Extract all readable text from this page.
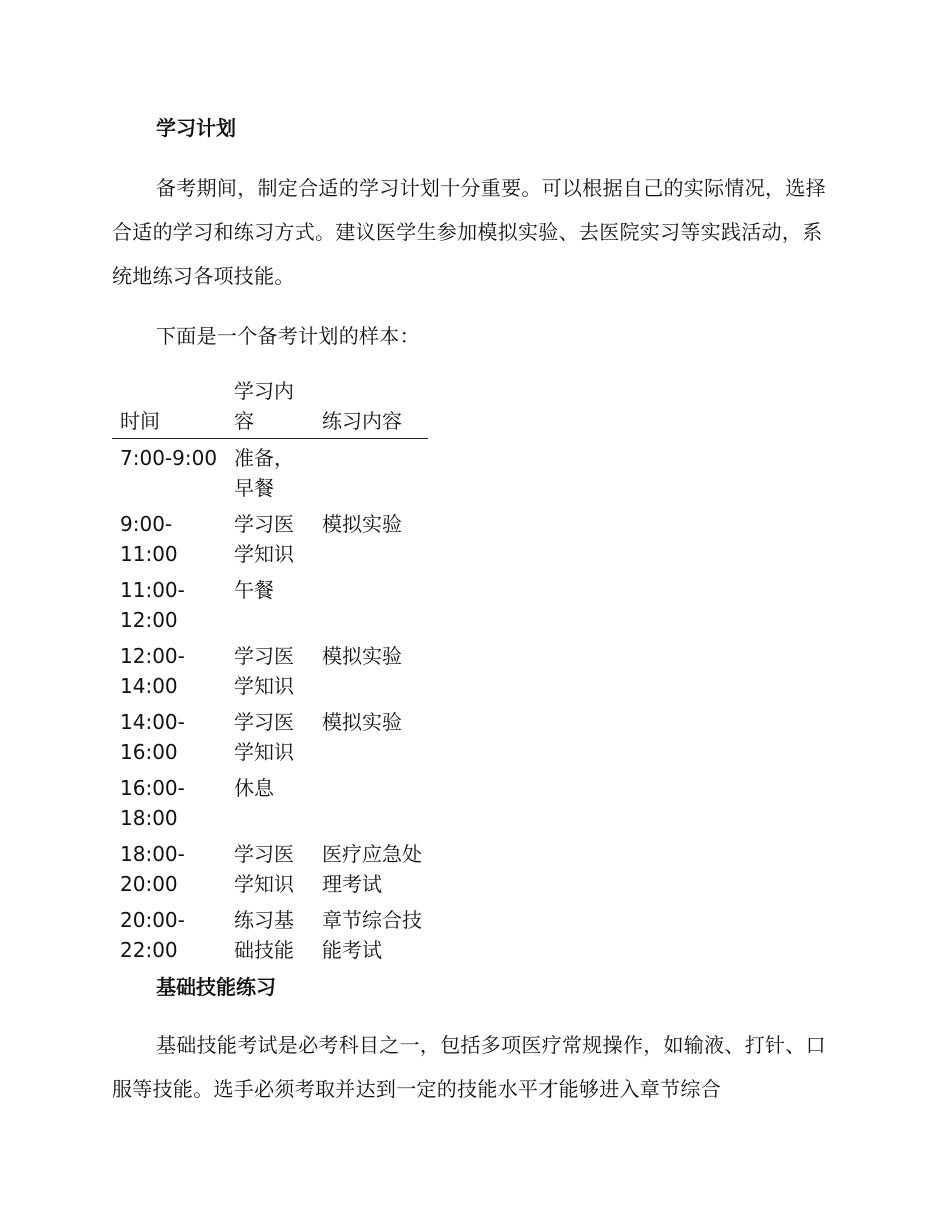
学习计划

备考期间，制定合适的学习计划十分重要。可以根据自己的实际情况，选择合适的学习和练习方式。建议医学生参加模拟实验、去医院实习等实践活动，系统地练习各项技能。

下面是一个备考计划的样本：

时间	学习内容	练习内容
7:00-9:00	准备，早餐	
9:00-11:00	学习医学知识	模拟实验
11:00-12:00	午餐	
12:00-14:00	学习医学知识	模拟实验
14:00-16:00	学习医学知识	模拟实验
16:00-18:00	休息	
18:00-20:00	学习医学知识	医疗应急处理考试
20:00-22:00	练习基础技能	章节综合技能考试
基础技能练习

基础技能考试是必考科目之一，包括多项医疗常规操作，如输液、打针、口服等技能。选手必须考取并达到一定的技能水平才能够进入章节综合
